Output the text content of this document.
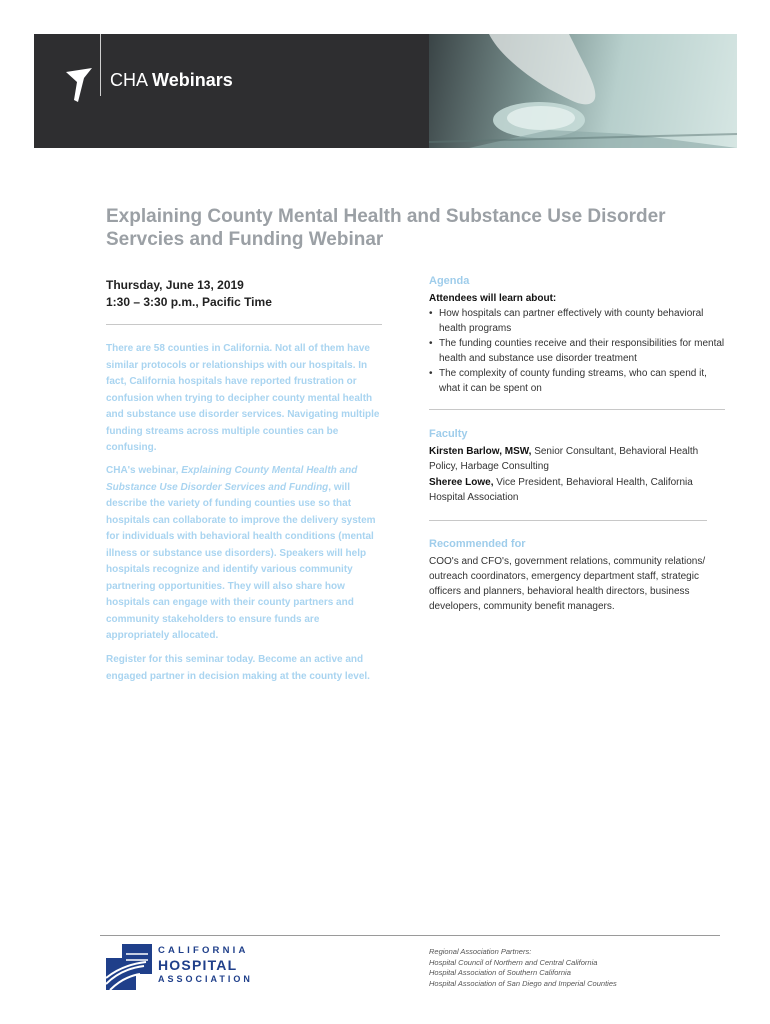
CHA Webinars
Explaining County Mental Health and Substance Use Disorder Servcies and Funding Webinar
Thursday, June 13, 2019
1:30 – 3:30 p.m., Pacific Time

There are 58 counties in California. Not all of them have similar protocols or relationships with our hospitals. In fact, California hospitals have reported frustration or confusion when trying to decipher county mental health and substance use disorder services. Navigating multiple funding streams across multiple counties can be confusing.

CHA's webinar, Explaining County Mental Health and Substance Use Disorder Services and Funding, will describe the variety of funding counties use so that hospitals can collaborate to improve the delivery system for individuals with behavioral health conditions (mental illness or substance use disorders). Speakers will help hospitals recognize and identify various community partnering opportunities. They will also share how hospitals can engage with their county partners and community stakeholders to ensure funds are appropriately allocated.

Register for this seminar today. Become an active and engaged partner in decision making at the county level.

Agenda
Attendees will learn about:
• How hospitals can partner effectively with county behavioral health programs
• The funding counties receive and their responsibilities for mental health and substance use disorder treatment
• The complexity of county funding streams, who can spend it, what it can be spent on
Faculty
Kirsten Barlow, MSW, Senior Consultant, Behavioral Health Policy, Harbage Consulting
Sheree Lowe, Vice President, Behavioral Health, California Hospital Association
Recommended for
COO's and CFO's, government relations, community relations/ outreach coordinators, emergency department staff, strategic officers and planners, behavioral health directors, business developers, community benefit managers.
CALIFORNIA
HOSPITAL
ASSOCIATION
Regional Association Partners:
Hospital Council of Northern and Central California
Hospital Association of Southern California
Hospital Association of San Diego and Imperial Counties
